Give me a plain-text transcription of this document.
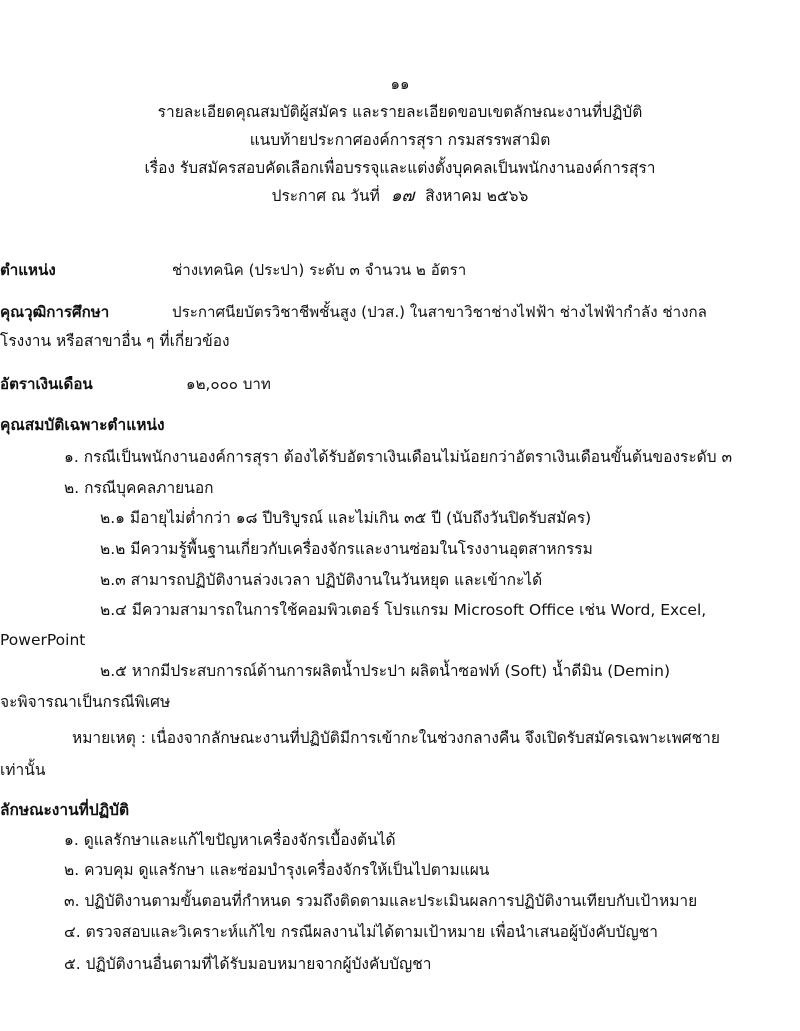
๑๑
รายละเอียดคุณสมบัติผู้สมัคร และรายละเอียดขอบเขตลักษณะงานที่ปฏิบัติ
แนบท้ายประกาศองค์การสุรา กรมสรรพสามิต
เรื่อง รับสมัครสอบคัดเลือกเพื่อบรรจุและแต่งตั้งบุคคลเป็นพนักงานองค์การสุรา
ประกาศ ณ วันที่ ๑๗ สิงหาคม ๒๕๖๖
ตำแหน่ง	ช่างเทคนิค (ประปา) ระดับ ๓ จำนวน ๒ อัตรา
คุณวุฒิการศึกษา	ประกาศนียบัตรวิชาชีพชั้นสูง (ปวส.) ในสาขาวิชาช่างไฟฟ้า ช่างไฟฟ้ากำลัง ช่างกล
โรงงาน หรือสาขาอื่น ๆ ที่เกี่ยวข้อง
อัตราเงินเดือน	๑๒,๐๐๐ บาท
คุณสมบัติเฉพาะตำแหน่ง
๑. กรณีเป็นพนักงานองค์การสุรา ต้องได้รับอัตราเงินเดือนไม่น้อยกว่าอัตราเงินเดือนขั้นต้นของระดับ ๓
๒. กรณีบุคคลภายนอก
๒.๑ มีอายุไม่ต่ำกว่า ๑๘ ปีบริบูรณ์ และไม่เกิน ๓๕ ปี (นับถึงวันปิดรับสมัคร)
๒.๒ มีความรู้พื้นฐานเกี่ยวกับเครื่องจักรและงานซ่อมในโรงงานอุตสาหกรรม
๒.๓ สามารถปฏิบัติงานล่วงเวลา ปฏิบัติงานในวันหยุด และเข้ากะได้
๒.๔ มีความสามารถในการใช้คอมพิวเตอร์ โปรแกรม Microsoft Office เช่น Word, Excel,
PowerPoint
๒.๕ หากมีประสบการณ์ด้านการผลิตน้ำประปา ผลิตน้ำซอฟท์ (Soft) น้ำดีมิน (Demin)
จะพิจารณาเป็นกรณีพิเศษ
หมายเหตุ : เนื่องจากลักษณะงานที่ปฏิบัติมีการเข้ากะในช่วงกลางคืน จึงเปิดรับสมัครเฉพาะเพศชาย
เท่านั้น
ลักษณะงานที่ปฏิบัติ
๑. ดูแลรักษาและแก้ไขปัญหาเครื่องจักรเบื้องต้นได้
๒. ควบคุม ดูแลรักษา และซ่อมบำรุงเครื่องจักรให้เป็นไปตามแผน
๓. ปฏิบัติงานตามขั้นตอนที่กำหนด รวมถึงติดตามและประเมินผลการปฏิบัติงานเทียบกับเป้าหมาย
๔. ตรวจสอบและวิเคราะห์แก้ไข กรณีผลงานไม่ได้ตามเป้าหมาย เพื่อนำเสนอผู้บังคับบัญชา
๕. ปฏิบัติงานอื่นตามที่ได้รับมอบหมายจากผู้บังคับบัญชา
